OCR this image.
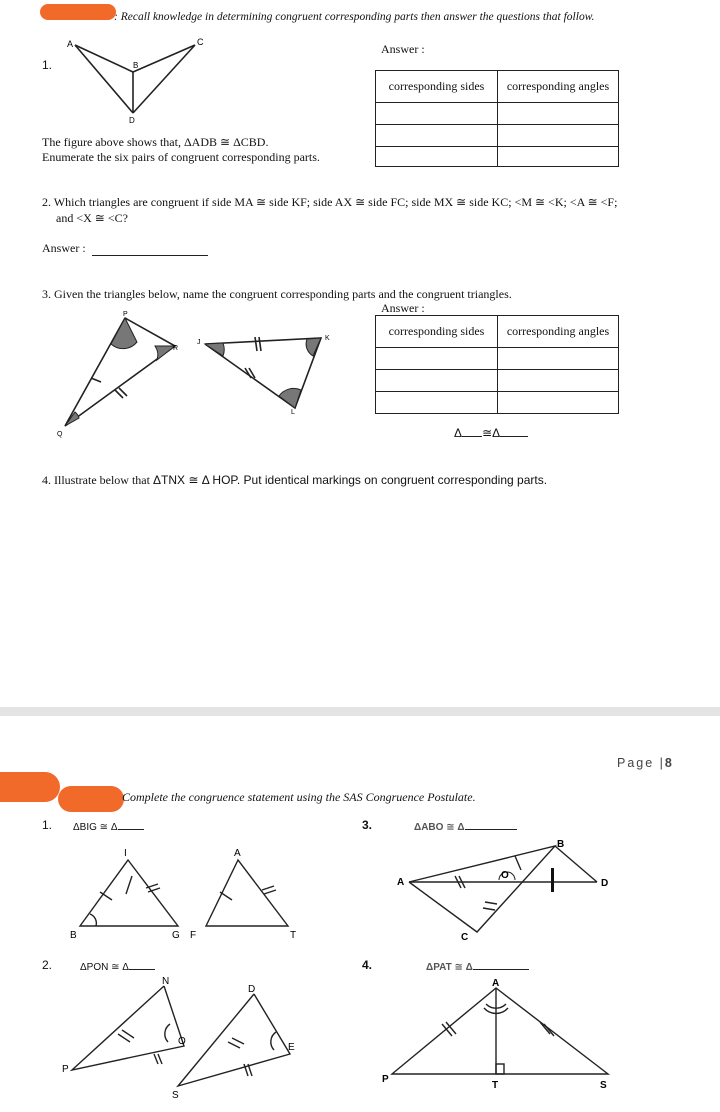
: Recall knowledge in determining congruent corresponding parts then answer the questions that follow.
1.
A
B
C
D
Answer :
corresponding sides	corresponding angles

The figure above shows that, ΔADB ≅ ΔCBD.
Enumerate the six pairs of congruent corresponding parts.
2. Which triangles are congruent if side MA ≅ side KF; side AX ≅ side FC; side MX ≅ side KC; <M ≅ <K; <A ≅ <F;
and <X ≅ <C?
Answer :
3. Given the triangles below, name the congruent corresponding parts and the congruent triangles.
Answer :
P
Q
R
J
K
L
corresponding sides	corresponding angles

Δ ≅Δ
4. Illustrate below that ΔTNX ≅ Δ HOP. Put identical markings on congruent corresponding parts.
Page |8
Complete the congruence statement using the SAS Congruence Postulate.
1. ΔBIG ≅ Δ
I
B	G
A
F	T
3.	ΔABO ≅ Δ
A
B
O
C
D
2.	ΔPON ≅ Δ
N
P
O
D
S
E
4.	ΔPAT ≅ Δ
A
P
T	S
